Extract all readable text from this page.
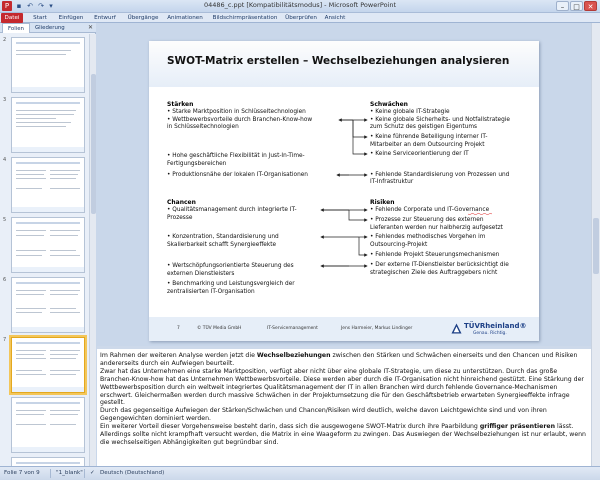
P	▪ ↶ ↷ ▾	04486_c.ppt [Kompatibilitätsmodus] - Microsoft PowerPoint	–	□	✕
Datei	Start	Einfügen	Entwurf	Übergänge	Animationen	Bildschirmpräsentation	Überprüfen	Ansicht
Folien	Gliederung	✕
2
3
4
5
6
7
SWOT-Matrix erstellen – Wechselbeziehungen analysieren
Stärken
• Starke Marktposition in Schlüsseltechnologien
• Wettbewerbsvorteile durch Branchen-Know-how
in Schlüsseltechnologien
• Hohe geschäftliche Flexibilität in Just-In-Time-
Fertigungsbereichen
• Produktionsnähe der lokalen IT-Organisationen
Schwächen
• Keine globale IT-Strategie
• Keine globale Sicherheits- und Notfallstrategie
zum Schutz des geistigen Eigentums
• Keine führende Beteiligung interner IT-
Mitarbeiter an dem Outsourcing Projekt
• Keine Serviceorientierung der IT
• Fehlende Standardisierung von Prozessen und
IT-Infrastruktur
Chancen
• Qualitätsmanagement durch integrierte IT-
Prozesse
• Konzentration, Standardisierung und
Skalierbarkeit schafft Synergieeffekte
• Wertschöpfungsorientierte Steuerung des
externen Dienstleisters
• Benchmarking und Leistungsvergleich der
zentralisierten IT-Organisation
Risiken
• Fehlende Corporate und IT-Governance
• Prozesse zur Steuerung des externen
Lieferanten werden nur halbherzig aufgesetzt
• Fehlendes methodisches Vorgehen im
Outsourcing-Projekt
• Fehlende Projekt Steuerungsmechanismen
• Der externe IT-Dienstleister berücksichtigt die
strategischen Ziele des Auftraggebers nicht
7	© TÜV Media GmbH	IT-Servicemanagement	Jens Harmeier, Markus Lindinger	TÜVRheinland®
Genau. Richtig.

Im Rahmen der weiteren Analyse werden jetzt die Wechselbeziehungen zwischen den Stärken und Schwächen einerseits und den Chancen und Risiken andererseits durch ein Aufwiegen beurteilt.

Zwar hat das Unternehmen eine starke Marktposition, verfügt aber nicht über eine globale IT-Strategie, um diese zu unterstützen. Durch das große Branchen-Know-how hat das Unternehmen Wettbewerbsvorteile. Diese werden aber durch die IT-Organisation nicht hinreichend gestützt. Eine Stärkung der Wettbewerbsposition durch ein weltweit integriertes Qualitätsmanagement der IT in allen Branchen wird durch fehlende Governance-Mechanismen erschwert. Gleichermaßen werden durch massive Schwächen in der Projektumsetzung die für den Geschäftsbetrieb erwarteten Synergieeffekte infrage gestellt.

Durch das gegenseitige Aufwiegen der Stärken/Schwächen und Chancen/Risiken wird deutlich, welche davon Leichtgewichte sind und von ihren Gegengewichten dominiert werden.

Ein weiterer Vorteil dieser Vorgehensweise besteht darin, dass sich die ausgewogene SWOT-Matrix durch ihre Paarbildung griffiger präsentieren lässt. Allerdings sollte nicht krampfhaft versucht werden, die Matrix in eine Waageform zu zwingen. Das Auswiegen der Wechselbeziehungen ist nur erlaubt, wenn die wechselseitigen Abhängigkeiten gut begründbar sind.

Folie 7 von 9	"1_blank" ✓ Deutsch (Deutschland)
